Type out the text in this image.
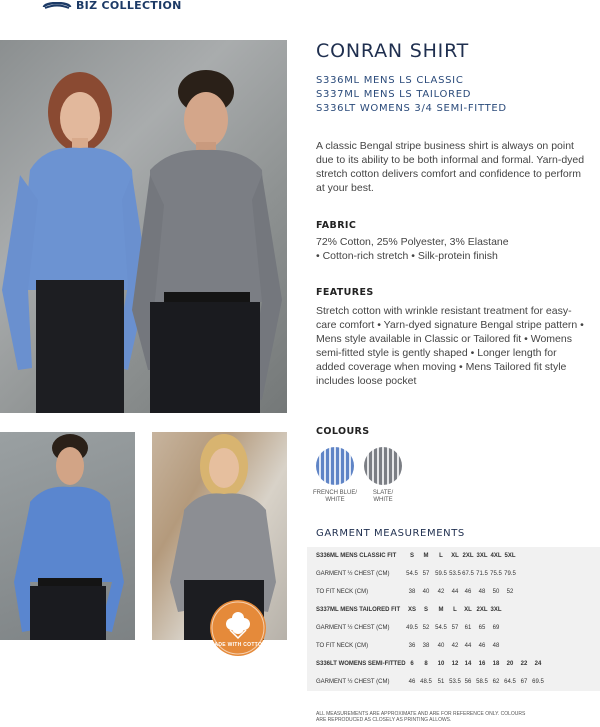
BIZ COLLECTION
MADE WITH COTTON
CONRAN SHIRT
S336ML MENS LS CLASSIC
S337ML MENS LS TAILORED
S336LT WOMENS 3/4 SEMI-FITTED

A classic Bengal stripe business shirt is always on point due to its ability to be both informal and formal. Yarn-dyed stretch cotton delivers comfort and confidence to perform at your best.

FABRIC
72% Cotton, 25% Polyester, 3% Elastane
• Cotton-rich stretch • Silk-protein finish
FEATURES
Stretch cotton with wrinkle resistant treatment for easy-care comfort • Yarn-dyed signature Bengal stripe pattern • Mens style available in Classic or Tailored fit • Womens semi-fitted style is gently shaped • Longer length for added coverage when moving • Mens Tailored fit style includes loose pocket
COLOURS
FRENCH BLUE/
WHITE
SLATE/
WHITE
GARMENT MEASUREMENTS
S336ML MENS CLASSIC FIT	S	M	L	XL 2XL 3XL 4XL 5XL
GARMENT ½ CHEST (CM)	54.5 57 59.5 53.5 67.5 71.5 75.5 79.5
TO FIT NECK (CM)	38	40	42	44	46	48	50	52
S337ML MENS TAILORED FIT	XS	S	M	L	XL 2XL 3XL
GARMENT ½ CHEST (CM)	49.5 52 54.5 57	61	65	69
TO FIT NECK (CM)	36	38	40	42	44	46	48
S336LT WOMENS SEMI-FITTED 6	8	10	12	14	16	18	20	22	24
GARMENT ½ CHEST (CM)	46 48.5 51 53.5 56 58.5 62 64.5 67 69.5
ALL MEASUREMENTS ARE APPROXIMATE AND ARE FOR REFERENCE ONLY. COLOURS ARE REPRODUCED AS CLOSELY AS PRINTING ALLOWS.
